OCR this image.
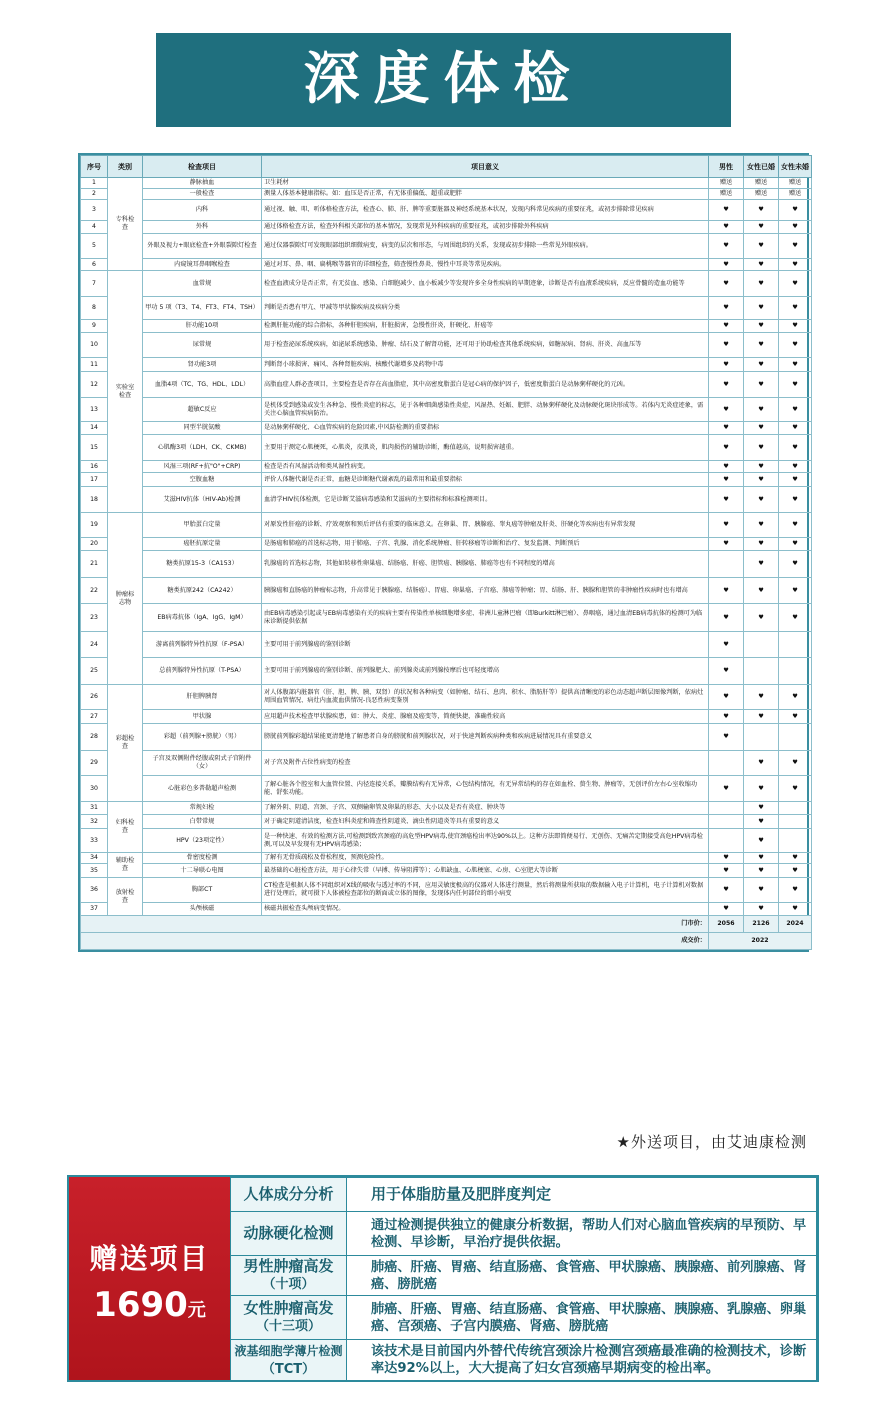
深度体检
序号	类别	检查项目	项目意义	男性	女性已婚	女性未婚
1	专科检查	静脉抽血	卫生耗材	赠送	赠送	赠送
2		一般检查	测量人体基本健康指标。如：血压是否正常，有无体重偏低、超重或肥胖	赠送	赠送	赠送
3		内科	通过视、触、叩、听体格检查方法，检查心、肺、肝、脾等重要脏器及神经系统基本状况，发现内科常见疾病的重要征兆，或初步排除常见疾病	♥	♥	♥
4		外科	通过体格检查方法，检查外科相关部位的基本情况，发现常见外科疾病的重要征兆，或初步排除外科疾病	♥	♥	♥
5		外眼及视力+眼底检查+外眼裂隙灯检查	通过仪器裂隙灯可发现眼部组织细微病变，病变的层次和形态，与周围组织的关系，发现或初步排除一些常见外眼疾病。	♥	♥	♥
6		内窥镜耳鼻咽喉检查	通过对耳、鼻、咽、扁桃喉等器官的详细检查，筛查慢性鼻炎、慢性中耳炎等常见疾病。	♥	♥	♥
7	实验室检查	血常规	检查血液成分是否正常，有无贫血、感染、白细胞减少、血小板减少等发现许多全身性疾病的早期迹象，诊断是否有血液系统疾病，反应骨髓的造血功能等	♥	♥	♥
8		甲功 5 项（T3、T4、FT3、FT4、TSH）	判断是否患有甲亢、甲减等甲状腺疾病及疾病分类	♥	♥	♥
9		肝功能10项	检测肝脏功能的综合指标，各种肝胆疾病，肝脏损害，急慢性肝炎，肝硬化、肝癌等	♥	♥	♥
10		尿常规	用于检查泌尿系统疾病，如泌尿系统感染、肿瘤、结石及了解肾功能，还可用于协助检查其他系统疾病，如糖尿病、肾病、肝炎、高血压等	♥	♥	♥
11		肾功能3项	判断肾小球损害、痛风、各种肾脏疾病、核酸代谢增多及药物中毒	♥	♥	♥
12		血脂4项（TC、TG、HDL、LDL）	高脂血症人群必查项目，主要检查是否存在高血脂症，其中高密度脂蛋白是冠心病的保护因子，低密度脂蛋白是动脉粥样硬化的元凶。	♥	♥	♥
13		超敏C反应	是机体受到感染或发生各种急、慢性炎症的标志，见于各种细菌感染性炎症，风湿热、妊娠、肥胖、动脉粥样硬化及动脉硬化斑块形成等。若体内无炎症迹象，需关注心脑血管疾病防治。	♥	♥	♥
14		同型半胱氨酸	是动脉粥样硬化、心血管疾病的危险因素,中风防检测的重要指标	♥	♥	♥
15		心肌酶3项（LDH、CK、CKMB)	主要用于测定心肌梗死，心肌炎，皮肌炎，肌肉损伤的辅助诊断，酶值越高，说明损害越重。	♥	♥	♥
16		风湿三项(RF+抗"O"+CRP)	检查是否有风湿活动和类风湿性病变。	♥	♥	♥
17		空腹血糖	评价人体糖代谢是否正常，血糖是诊断糖代谢紊乱的最常用和最重要指标	♥	♥	♥
18		艾滋HIV抗体（HIV-Ab)检测	血清学HIV抗体检测，它是诊断艾滋病毒感染和艾滋病的主要指标和标准检测项目。	♥	♥	♥
19	肿瘤标志物	甲胎蛋白定量	对原发性肝癌的诊断、疗效观察和预后评估有重要的临床意义。在卵巢、胃、胰腺癌、睾丸癌等肿瘤及肝炎、肝硬化等疾病也有异常发现	♥	♥	♥
20		癌胚抗原定量	是肠癌和肺癌的首选标志物，用于肺癌、子宫、乳腺、消化系统肿瘤、肝转移瘤等诊断和治疗、复发监测、判断预后	♥	♥	♥
21		糖类抗原15-3（CA153）	乳腺癌的首选标志物，其他如转移性卵巢癌、结肠癌、肝癌、胆管癌、胰腺癌、肺癌等也有不同程度的增高		♥	♥
22		糖类抗原242（CA242）	胰腺癌和直肠癌的肿瘤标志物，升高常见于胰腺癌、结肠癌）、胃癌、卵巢癌、子宫癌、肺癌等肿瘤；胃、结肠、肝、胰腺和胆管的非肿瘤性疾病时也有增高	♥	♥	♥
23		EB病毒抗体（IgA、IgG、IgM）	由EB病毒感染引起或与EB病毒感染有关的疾病主要有传染性单核细胞增多症、非洲儿童淋巴瘤（即Burkitt淋巴瘤）、鼻咽癌，通过血清EB病毒抗体的检测可为临床诊断提供依据	♥	♥	♥
24		游离前列腺特异性抗原（F-PSA）	主要可用于前列腺癌的鉴别诊断	♥		
25		总前列腺特异性抗原（T-PSA）	主要可用于前列腺癌的鉴别诊断、前列腺肥大、前列腺炎或前列腺按摩后也可轻度增高	♥		
26	彩超检查	肝胆脾胰肾	对人体腹部内脏器官（肝、胆、脾、胰、双肾）的状况和各种病变（如肿瘤、结石、息肉、积水、脂肪肝等）提供高清晰度的彩色动态超声断层图像判断，依病灶周围血管情况、病灶内血流血供情况-良恶性病变鉴别	♥	♥	♥
27		甲状腺	应用超声技术检查甲状腺疾患，如：肿大、炎症、腺瘤及癌变等，简便快捷，准确性较高	♥	♥	♥
28		彩超（前列腺+膀胱）（男）	膀胱前列腺彩超结果能更清楚地了解患者自身的膀胱和前列腺状况，对于快速判断疾病种类和疾病进展情况具有重要意义	♥		
29		子宫及双侧附件经腹或阴式子宫附件（女）	对子宫及附件占位性病变的检查		♥	♥
30		心脏彩色多普勒超声检测	了解心脏各个腔室和大血管位置、内径连接关系，瓣膜结构有无异常，心包结构情况，有无异常结构的存在如血栓、赘生物、肿瘤等，无创评价左右心室收缩功能、舒张功能。	♥	♥	♥
31	妇科检查	常规妇检	了解外阴、阴道、宫颈、子宫、双侧输卵管及卵巢的形态、大小以及是否有炎症、肿块等		♥	
32		白带常规	对于确定阴道清洁度，检查妇科炎症和筛查性阴道炎、滴虫性阴道炎等具有重要的意义		♥	
33		HPV（23项定性）	是一种快速、有效的检测方法,可检测到致宫颈癌的高危型HPV病毒,使宫颈癌检出率达90%以上。这种方法即简便易行、无创伤、无痛苦定期接受高危HPV病毒检测,可以及早发现有无HPV病毒感染；		♥	
34	辅助检查	骨密度检测	了解有无骨质疏松及骨松程度，预测危险性。	♥	♥	♥
35		十二导联心电图	最基础的心脏检查方法，用于心律失常（早搏、传导阻滞等）；心肌缺血、心肌梗塞、心房、心室肥大等诊断	♥	♥	♥
36	放射检查	胸部CT	CT检查是根据人体不同组织对X线的吸收与透过率的不同，应用灵敏度极高的仪器对人体进行测量，然后将测量所获取的数据输入电子计算机，电子计算机对数据进行处理后，就可摄下人体被检查部位的断面或立体的图像，发现体内任何部位的细小病变	♥	♥	♥
37		头颅核磁	核磁共振检查头颅病变情况。	♥	♥	♥
门市价：				2056	2126	2024
成交价：				2022		
★外送项目，由艾迪康检测
赠送项目
1690元
人体成分分析	用于体脂肪量及肥胖度判定

动脉硬化检测	通过检测提供独立的健康分析数据，帮助人们对心脑血管疾病的早预防、早检测、早诊断，早治疗提供依据。

男性肿瘤高发
（十项）	肺癌、肝癌、胃癌、结直肠癌、食管癌、甲状腺癌、胰腺癌、前列腺癌、肾癌、膀胱癌

女性肿瘤高发
（十三项）	肺癌、肝癌、胃癌、结直肠癌、食管癌、甲状腺癌、胰腺癌、乳腺癌、卵巢癌、宫颈癌、子宫内膜癌、肾癌、膀胱癌

液基细胞学薄片检测
（TCT）	该技术是目前国内外替代传统宫颈涂片检测宫颈癌最准确的检测技术，诊断率达92%以上，大大提高了妇女宫颈癌早期病变的检出率。
